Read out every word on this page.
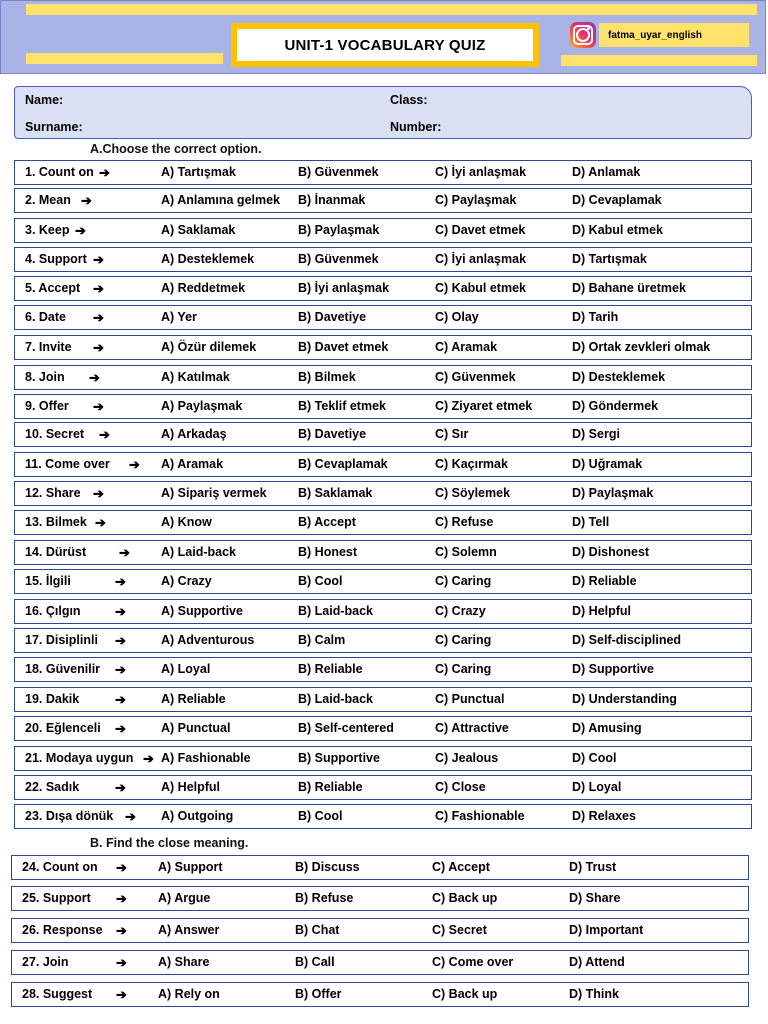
UNIT-1 VOCABULARY QUIZ
fatma_uyar_english
Name:
Surname:
Class:
Number:
A.Choose the correct option.
1. Count on	A) Tartışmak	B) Güvenmek	C) İyi anlaşmak	D) Anlamak
➔
2. Mean	A) Anlamına gelmek B) İnanmak	C) Paylaşmak	D) Cevaplamak
➔
3. Keep	A) Saklamak	B) Paylaşmak	C) Davet etmek	D) Kabul etmek
➔
4. Support	A) Desteklemek	B) Güvenmek	C) İyi anlaşmak	D) Tartışmak
➔
5. Accept	A) Reddetmek	B) İyi anlaşmak	C) Kabul etmek	D) Bahane üretmek
➔
6. Date	A) Yer	B) Davetiye	C) Olay	D) Tarih
➔
7. Invite	A) Özür dilemek	B) Davet etmek	C) Aramak	D) Ortak zevkleri olmak
➔
8. Join	A) Katılmak	B) Bilmek	C) Güvenmek	D) Desteklemek
➔
9. Offer	A) Paylaşmak	B) Teklif etmek	C) Ziyaret etmek	D) Göndermek
➔
10. Secret	A) Arkadaş	B) Davetiye	C) Sır	D) Sergi
➔
11. Come over	A) Aramak	B) Cevaplamak	C) Kaçırmak	D) Uğramak
➔
12. Share	A) Sipariş vermek	B) Saklamak	C) Söylemek	D) Paylaşmak
➔
13. Bilmek	A) Know	B) Accept	C) Refuse	D) Tell
➔
14. Dürüst	A) Laid-back	B) Honest	C) Solemn	D) Dishonest
➔
15. İlgili	A) Crazy	B) Cool	C) Caring	D) Reliable
➔
16. Çılgın	A) Supportive	B) Laid-back	C) Crazy	D) Helpful
➔
17. Disiplinli	A) Adventurous	B) Calm	C) Caring	D) Self-disciplined
➔
18. Güvenilir	A) Loyal	B) Reliable	C) Caring	D) Supportive
➔
19. Dakik	A) Reliable	B) Laid-back	C) Punctual	D) Understanding
➔
20. Eğlenceli	A) Punctual	B) Self-centered	C) Attractive	D) Amusing
➔
21. Modaya uygun A) Fashionable	B) Supportive	C) Jealous	D) Cool
➔
22. Sadık	A) Helpful	B) Reliable	C) Close	D) Loyal
➔
23. Dışa dönük	A) Outgoing	B) Cool	C) Fashionable	D) Relaxes
➔
B. Find the close meaning.
24. Count on	A) Support	B) Discuss	C) Accept	D) Trust
➔
25. Support	A) Argue	B) Refuse	C) Back up	D) Share
➔
26. Response	A) Answer	B) Chat	C) Secret	D) Important
➔
27. Join	A) Share	B) Call	C) Come over	D) Attend
➔
28. Suggest	A) Rely on	B) Offer	C) Back up	D) Think
➔
